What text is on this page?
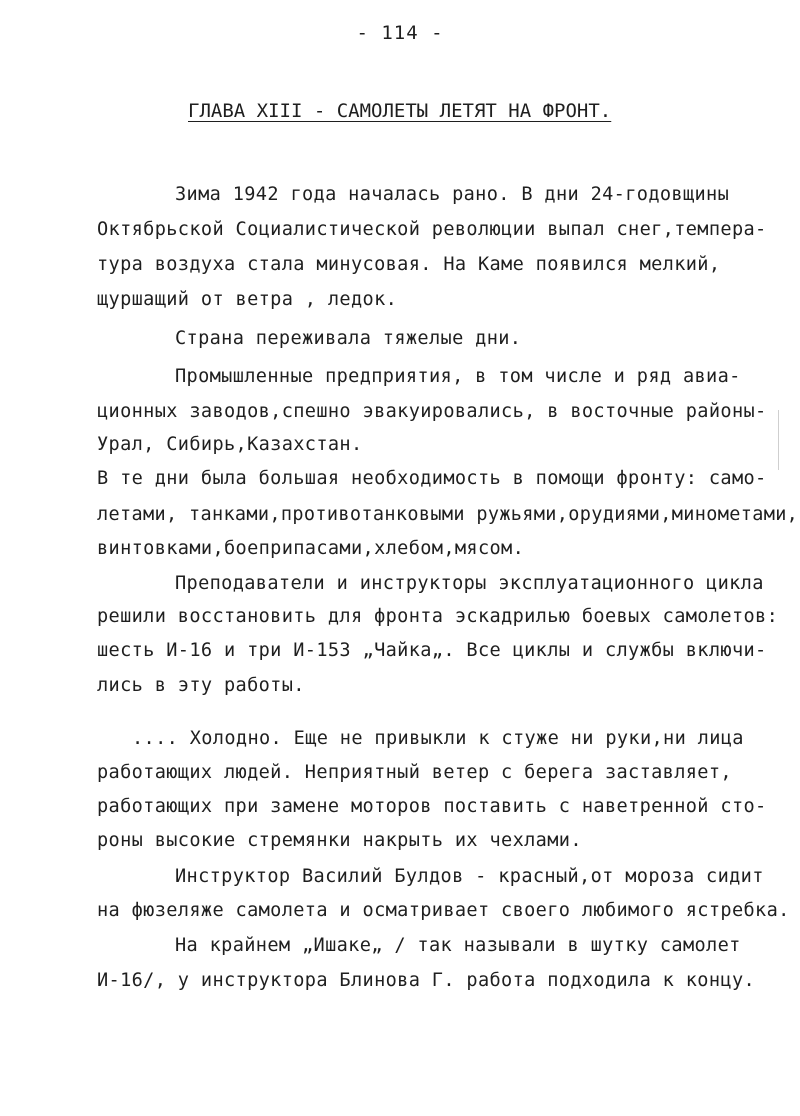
- 114 -
ГЛАВА XIII - САМОЛЕТЫ ЛЕТЯТ НА ФРОНТ.
Зима 1942 года началась рано. В дни 24-годовщины
Октябрьской Социалистической революции выпал снег,темпера-
тура воздуха стала минусовая. На Каме появился мелкий,
щуршащий от ветра , ледок.
Страна переживала тяжелые дни.
Промышленные предприятия, в том числе и ряд авиа-
ционных заводов,спешно эвакуировались, в восточные районы-
Урал, Сибирь,Казахстан.
В те дни была большая необходимость в помощи фронту: само-
летами, танками,противотанковыми ружьями,орудиями,минометами,
винтовками,боеприпасами,хлебом,мясом.
Преподаватели и инструкторы эксплуатационного цикла
решили восстановить для фронта эскадрилью боевых самолетов:
шесть И-16 и три И-153 „Чайка„. Все циклы и службы включи-
лись в эту работы.
.... Холодно. Еще не привыкли к стуже ни руки,ни лица
работающих людей. Неприятный ветер с берега заставляет,
работающих при замене моторов поставить с наветренной сто-
роны высокие стремянки накрыть их чехлами.
Инструктор Василий Булдов - красный,от мороза сидит
на фюзеляже самолета и осматривает своего любимого ястребка.
На крайнем „Ишаке„ / так называли в шутку самолет
И-16/, у инструктора Блинова Г. работа подходила к концу.
